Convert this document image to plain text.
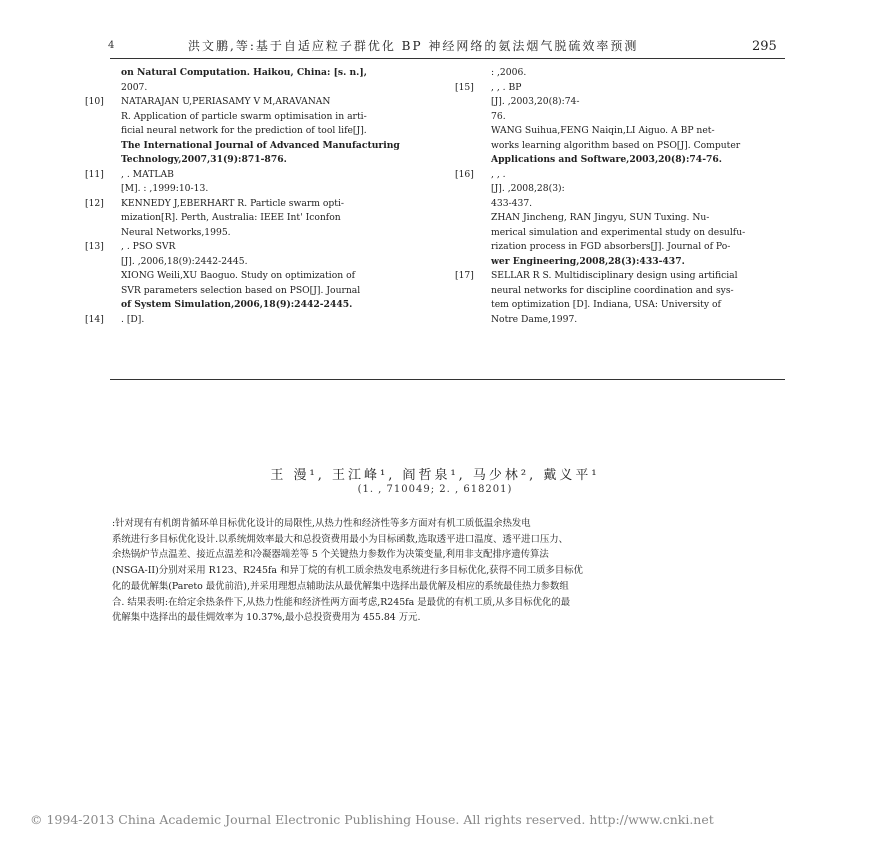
4	洪文鹏,等:基于自适应粒子群优化 BP 神经网络的氨法烟气脱硫效率预测	295
on Natural Computation. Haikou, China: [s. n.],
2007.
[10] NATARAJAN U,PERIASAMY V M,ARAVANAN
R. Application of particle swarm optimisation in arti-
ficial neural network for the prediction of tool life[J].
The International Journal of Advanced Manufacturing
Technology,2007,31(9):871-876.
[11] , . MATLAB
[M]. : ,1999:10-13.
[12] KENNEDY J,EBERHART R. Particle swarm opti-
mization[R]. Perth, Australia: IEEE Int' Iconfon
Neural Networks,1995.
[13] , . PSO SVR
[J]. ,2006,18(9):2442-2445.
XIONG Weili,XU Baoguo. Study on optimization of
SVR parameters selection based on PSO[J]. Journal
of System Simulation,2006,18(9):2442-2445.
[14] . [D].
: ,2006.
[15] , , . BP
[J]. ,2003,20(8):74-
76.
WANG Suihua,FENG Naiqin,LI Aiguo. A BP net-
works learning algorithm based on PSO[J]. Computer
Applications and Software,2003,20(8):74-76.
[16] , , .
[J]. ,2008,28(3):
433-437.
ZHAN Jincheng, RAN Jingyu, SUN Tuxing. Nu-
merical simulation and experimental study on desulfu-
rization process in FGD absorbers[J]. Journal of Po-
wer Engineering,2008,28(3):433-437.
[17] SELLAR R S. Multidisciplinary design using artificial
neural networks for discipline coordination and sys-
tem optimization [D]. Indiana, USA: University of
Notre Dame,1997.
王 漫¹, 王江峰¹, 阎哲泉¹, 马少林², 戴义平¹
(1. , 710049; 2. , 618201)
:针对现有有机朗肯循环单目标优化设计的局限性,从热力性和经济性等多方面对有机工质低温余热发电
系统进行多目标优化设计.以系统㶲效率最大和总投资费用最小为目标函数,选取透平进口温度、透平进口压力、
余热锅炉节点温差、接近点温差和冷凝器端差等 5 个关键热力参数作为决策变量,利用非支配排序遗传算法
(NSGA-II)分别对采用 R123、R245fa 和异丁烷的有机工质余热发电系统进行多目标优化,获得不同工质多目标优
化的最优解集(Pareto 最优前沿),并采用理想点辅助法从最优解集中选择出最优解及相应的系统最佳热力参数组
合. 结果表明:在给定余热条件下,从热力性能和经济性两方面考虑,R245fa 是最优的有机工质,从多目标优化的最
优解集中选择出的最佳㶲效率为 10.37%,最小总投资费用为 455.84 万元.
© 1994-2013 China Academic Journal Electronic Publishing House. All rights reserved. http://www.cnki.net
